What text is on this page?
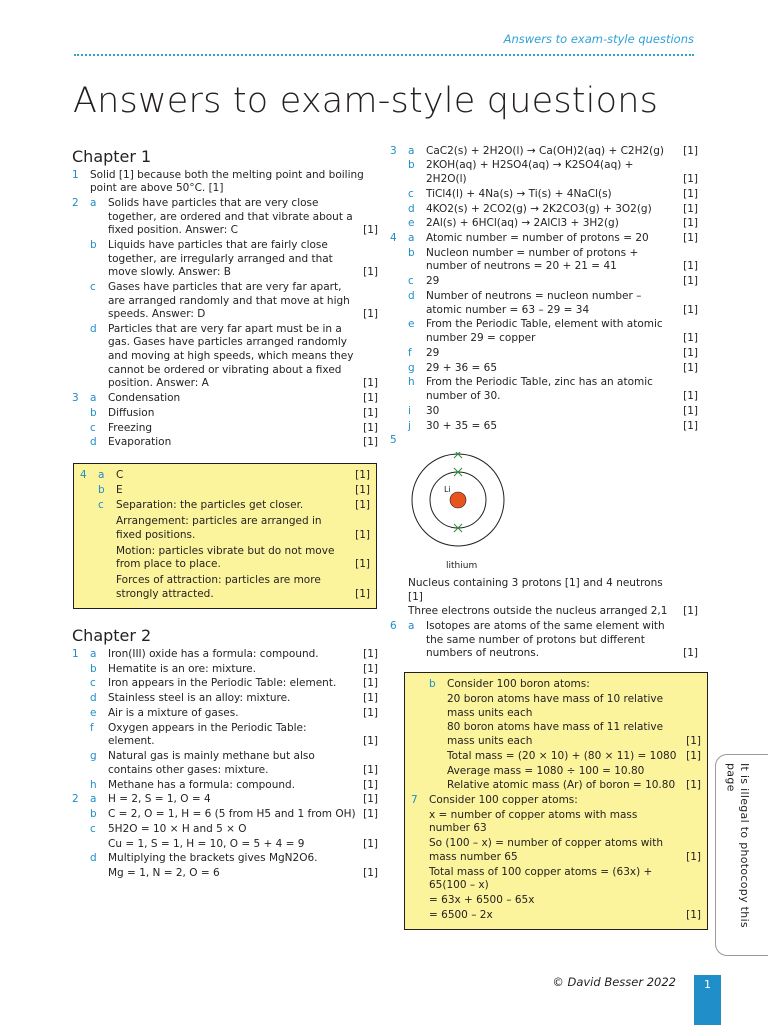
Answers to exam-style questions
Answers to exam-style questions
Chapter 1
1	Solid [1] because both the melting point and boiling point are above 50°C. [1]
2	a	Solids have particles that are very close together, are ordered and that vibrate about a fixed position. Answer: C	[1]
b	Liquids have particles that are fairly close together, are irregularly arranged and that move slowly. Answer: B	[1]
c	Gases have particles that are very far apart, are arranged randomly and that move at high speeds. Answer: D	[1]
d	Particles that are very far apart must be in a gas. Gases have particles arranged randomly and moving at high speeds, which means they cannot be ordered or vibrating about a fixed position. Answer: A	[1]
3	a	Condensation	[1]
b	Diffusion	[1]
c	Freezing	[1]
d	Evaporation	[1]
4	a	C	[1]
b	E	[1]
c	Separation: the particles get closer.	[1]
Arrangement: particles are arranged in fixed positions.	[1]
Motion: particles vibrate but do not move from place to place.	[1]
Forces of attraction: particles are more strongly attracted.	[1]
Chapter 2
1	a	Iron(III) oxide has a formula: compound.	[1]
b	Hematite is an ore: mixture.	[1]
c	Iron appears in the Periodic Table: element.	[1]
d	Stainless steel is an alloy: mixture.	[1]
e	Air is a mixture of gases.	[1]
f	Oxygen appears in the Periodic Table: element.	[1]
g	Natural gas is mainly methane but also contains other gases: mixture.	[1]
h	Methane has a formula: compound.	[1]
2	a	H = 2, S = 1, O = 4	[1]
b	C = 2, O = 1, H = 6 (5 from H5 and 1 from OH) [1]
c	5H2O = 10 × H and 5 × O
Cu = 1, S = 1, H = 10, O = 5 + 4 = 9	[1]
d	Multiplying the brackets gives MgN2O6.
Mg = 1, N = 2, O = 6	[1]
3	a	CaC2(s) + 2H2O(l) → Ca(OH)2(aq) + C2H2(g)	[1]
b	2KOH(aq) + H2SO4(aq) → K2SO4(aq) + 2H2O(l)	[1]
c	TiCl4(l) + 4Na(s) → Ti(s) + 4NaCl(s)	[1]
d	4KO2(s) + 2CO2(g) → 2K2CO3(g) + 3O2(g)	[1]
e	2Al(s) + 6HCl(aq) → 2AlCl3 + 3H2(g)	[1]
4	a	Atomic number = number of protons = 20	[1]
b	Nucleon number = number of protons + number of neutrons = 20 + 21 = 41	[1]
c	29	[1]
d	Number of neutrons = nucleon number – atomic number = 63 – 29 = 34	[1]
e	From the Periodic Table, element with atomic number 29 = copper	[1]
f	29	[1]
g	29 + 36 = 65	[1]
h	From the Periodic Table, zinc has an atomic number of 30.	[1]
i	30	[1]
j	30 + 35 = 65	[1]
5
Li
lithium
Nucleus containing 3 protons [1] and 4 neutrons [1]
Three electrons outside the nucleus arranged 2,1	[1]
6	a	Isotopes are atoms of the same element with the same number of protons but different numbers of neutrons.	[1]
b	Consider 100 boron atoms:
20 boron atoms have mass of 10 relative mass units each
80 boron atoms have mass of 11 relative mass units each	[1]
Total mass = (20 × 10) + (80 × 11) = 1080 [1]
Average mass = 1080 ÷ 100 = 10.80
Relative atomic mass (Ar) of boron = 10.80	[1]
7	Consider 100 copper atoms:
x = number of copper atoms with mass number 63
So (100 – x) = number of copper atoms with mass number 65	[1]
Total mass of 100 copper atoms = (63x) + 65(100 – x)
= 63x + 6500 – 65x
= 6500 – 2x	[1]	It is illegal to photocopy this page
© David Besser 2022	1
